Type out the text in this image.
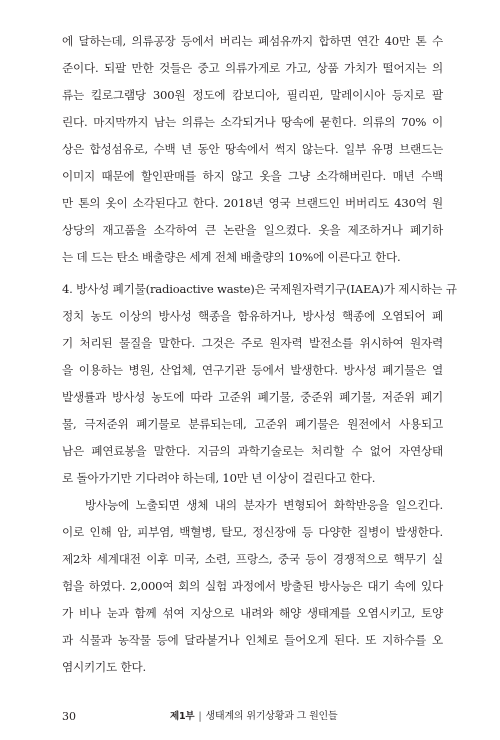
에 달하는데, 의류공장 등에서 버리는 폐섬유까지 합하면 연간 40만 톤 수
준이다. 되팔 만한 것들은 중고 의류가게로 가고, 상품 가치가 떨어지는 의
류는 킬로그램당 300원 정도에 캄보디아, 필리핀, 말레이시아 등지로 팔
린다. 마지막까지 남는 의류는 소각되거나 땅속에 묻힌다. 의류의 70% 이
상은 합성섬유로, 수백 년 동안 땅속에서 썩지 않는다. 일부 유명 브랜드는
이미지 때문에 할인판매를 하지 않고 옷을 그냥 소각해버린다. 매년 수백
만 톤의 옷이 소각된다고 한다. 2018년 영국 브랜드인 버버리도 430억 원
상당의 재고품을 소각하여 큰 논란을 일으켰다. 옷을 제조하거나 폐기하
는 데 드는 탄소 배출량은 세계 전체 배출량의 10%에 이른다고 한다.
4. 방사성 폐기물(radioactive waste)은 국제원자력기구(IAEA)가 제시하는 규
정치 농도 이상의 방사성 핵종을 함유하거나, 방사성 핵종에 오염되어 폐
기 처리된 물질을 말한다. 그것은 주로 원자력 발전소를 위시하여 원자력
을 이용하는 병원, 산업체, 연구기관 등에서 발생한다. 방사성 폐기물은 열
발생률과 방사성 농도에 따라 고준위 폐기물, 중준위 폐기물, 저준위 폐기
물, 극저준위 폐기물로 분류되는데, 고준위 폐기물은 원전에서 사용되고
남은 폐연료봉을 말한다. 지금의 과학기술로는 처리할 수 없어 자연상태
로 돌아가기만 기다려야 하는데, 10만 년 이상이 걸린다고 한다.
방사능에 노출되면 생체 내의 분자가 변형되어 화학반응을 일으킨다.
이로 인해 암, 피부염, 백혈병, 탈모, 정신장애 등 다양한 질병이 발생한다.
제2차 세계대전 이후 미국, 소련, 프랑스, 중국 등이 경쟁적으로 핵무기 실
험을 하였다. 2,000여 회의 실험 과정에서 방출된 방사능은 대기 속에 있다
가 비나 눈과 함께 섞여 지상으로 내려와 해양 생태계를 오염시키고, 토양
과 식물과 농작물 등에 달라붙거나 인체로 들어오게 된다. 또 지하수를 오
염시키기도 한다.
30	제1부 | 생태계의 위기상황과 그 원인들
